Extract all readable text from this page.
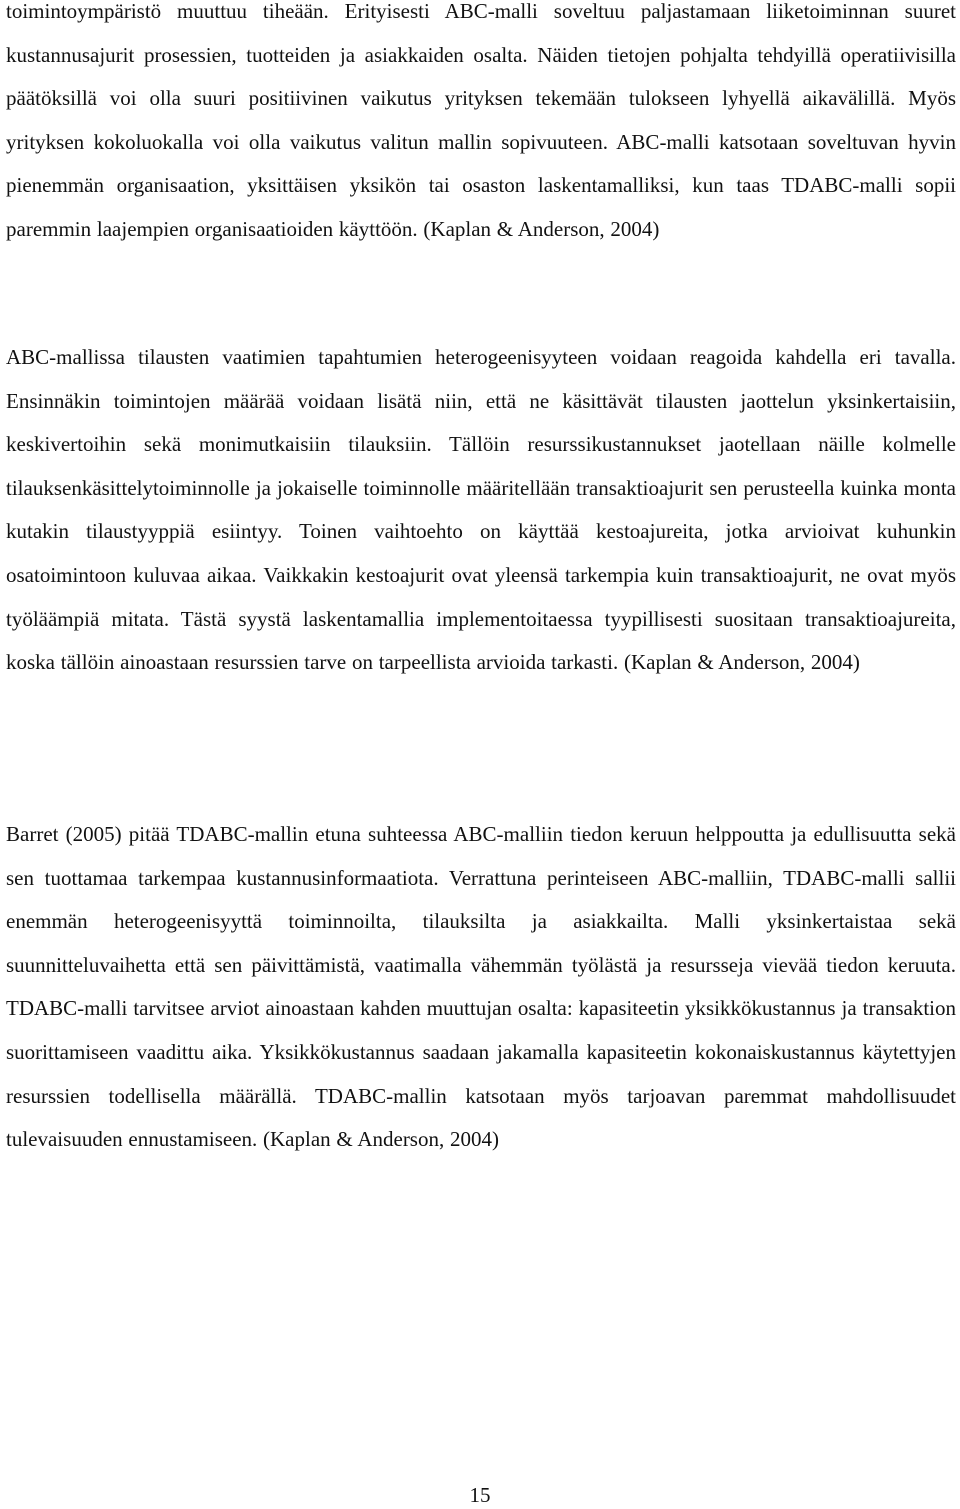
toimintoympäristö muuttuu tiheään. Erityisesti ABC-malli soveltuu paljastamaan liiketoiminnan suuret kustannusajurit prosessien, tuotteiden ja asiakkaiden osalta. Näiden tietojen pohjalta tehdyillä operatiivisilla päätöksillä voi olla suuri positiivinen vaikutus yrityksen tekemään tulokseen lyhyellä aikavälillä. Myös yrityksen kokoluokalla voi olla vaikutus valitun mallin sopivuuteen. ABC-malli katsotaan soveltuvan hyvin pienemmän organisaation, yksittäisen yksikön tai osaston laskentamalliksi, kun taas TDABC-malli sopii paremmin laajempien organisaatioiden käyttöön. (Kaplan & Anderson, 2004)

ABC-mallissa tilausten vaatimien tapahtumien heterogeenisyyteen voidaan reagoida kahdella eri tavalla. Ensinnäkin toimintojen määrää voidaan lisätä niin, että ne käsittävät tilausten jaottelun yksinkertaisiin, keskivertoihin sekä monimutkaisiin tilauksiin. Tällöin resurssikustannukset jaotellaan näille kolmelle tilauksenkäsittelytoiminnolle ja jokaiselle toiminnolle määritellään transaktioajurit sen perusteella kuinka monta kutakin tilaustyyppiä esiintyy. Toinen vaihtoehto on käyttää kestoajureita, jotka arvioivat kuhunkin osatoimintoon kuluvaa aikaa. Vaikkakin kestoajurit ovat yleensä tarkempia kuin transaktioajurit, ne ovat myös työläämpiä mitata. Tästä syystä laskentamallia implementoitaessa tyypillisesti suositaan transaktioajureita, koska tällöin ainoastaan resurssien tarve on tarpeellista arvioida tarkasti. (Kaplan & Anderson, 2004)

Barret (2005) pitää TDABC-mallin etuna suhteessa ABC-malliin tiedon keruun helppoutta ja edullisuutta sekä sen tuottamaa tarkempaa kustannusinformaatiota. Verrattuna perinteiseen ABC-malliin, TDABC-malli sallii enemmän heterogeenisyyttä toiminnoilta, tilauksilta ja asiakkailta. Malli yksinkertaistaa sekä suunnitteluvaihetta että sen päivittämistä, vaatimalla vähemmän työlästä ja resursseja vievää tiedon keruuta. TDABC-malli tarvitsee arviot ainoastaan kahden muuttujan osalta: kapasiteetin yksikkökustannus ja transaktion suorittamiseen vaadittu aika. Yksikkökustannus saadaan jakamalla kapasiteetin kokonaiskustannus käytettyjen resurssien todellisella määrällä. TDABC-mallin katsotaan myös tarjoavan paremmat mahdollisuudet tulevaisuuden ennustamiseen. (Kaplan & Anderson, 2004)

15
